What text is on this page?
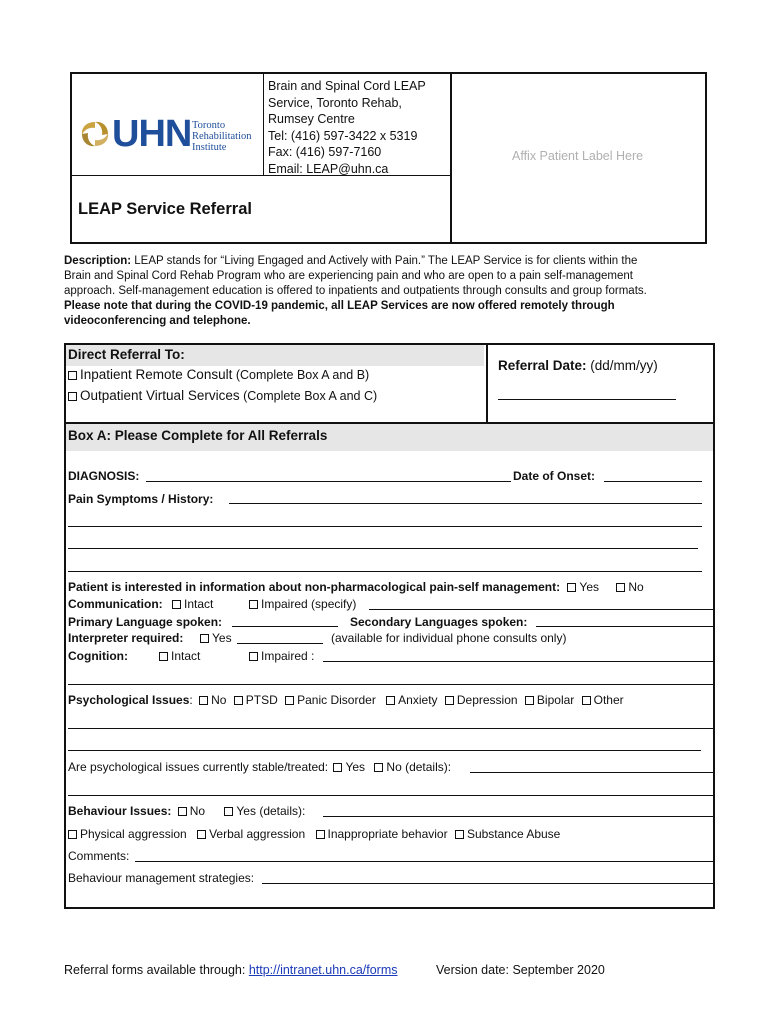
UHN Toronto
Rehabilitation
Institute
Brain and Spinal Cord LEAP
Service, Toronto Rehab,
Rumsey Centre
Tel: (416) 597-3422 x 5319
Fax: (416) 597-7160
Email: LEAP@uhn.ca
Affix Patient Label Here
LEAP Service Referral
Description: LEAP stands for “Living Engaged and Actively with Pain.” The LEAP Service is for clients within the
Brain and Spinal Cord Rehab Program who are experiencing pain and who are open to a pain self-management
approach. Self-management education is offered to inpatients and outpatients through consults and group formats.
Please note that during the COVID-19 pandemic, all LEAP Services are now offered remotely through
videoconferencing and telephone.
Direct Referral To:
Inpatient Remote Consult (Complete Box A and B)
Outpatient Virtual Services (Complete Box A and C)
Referral Date: (dd/mm/yy)
Box A: Please Complete for All Referrals
DIAGNOSIS:	Date of Onset:
Pain Symptoms / History:
Patient is interested in information about non-pharmacological pain-self management: Yes No
Communication:	Intact	Impaired (specify)
Primary Language spoken:	Secondary Languages spoken:
Interpreter required:	Yes	(available for individual phone consults only)
Cognition:	Intact	Impaired :
Psychological Issues: No PTSD Panic Disorder Anxiety Depression Bipolar Other
Are psychological issues currently stable/treated: Yes No (details):
Behaviour Issues: No	Yes (details):
Physical aggression Verbal aggression Inappropriate behavior Substance Abuse
Comments:
Behaviour management strategies:
Referral forms available through: http://intranet.uhn.ca/forms	Version date: September 2020
